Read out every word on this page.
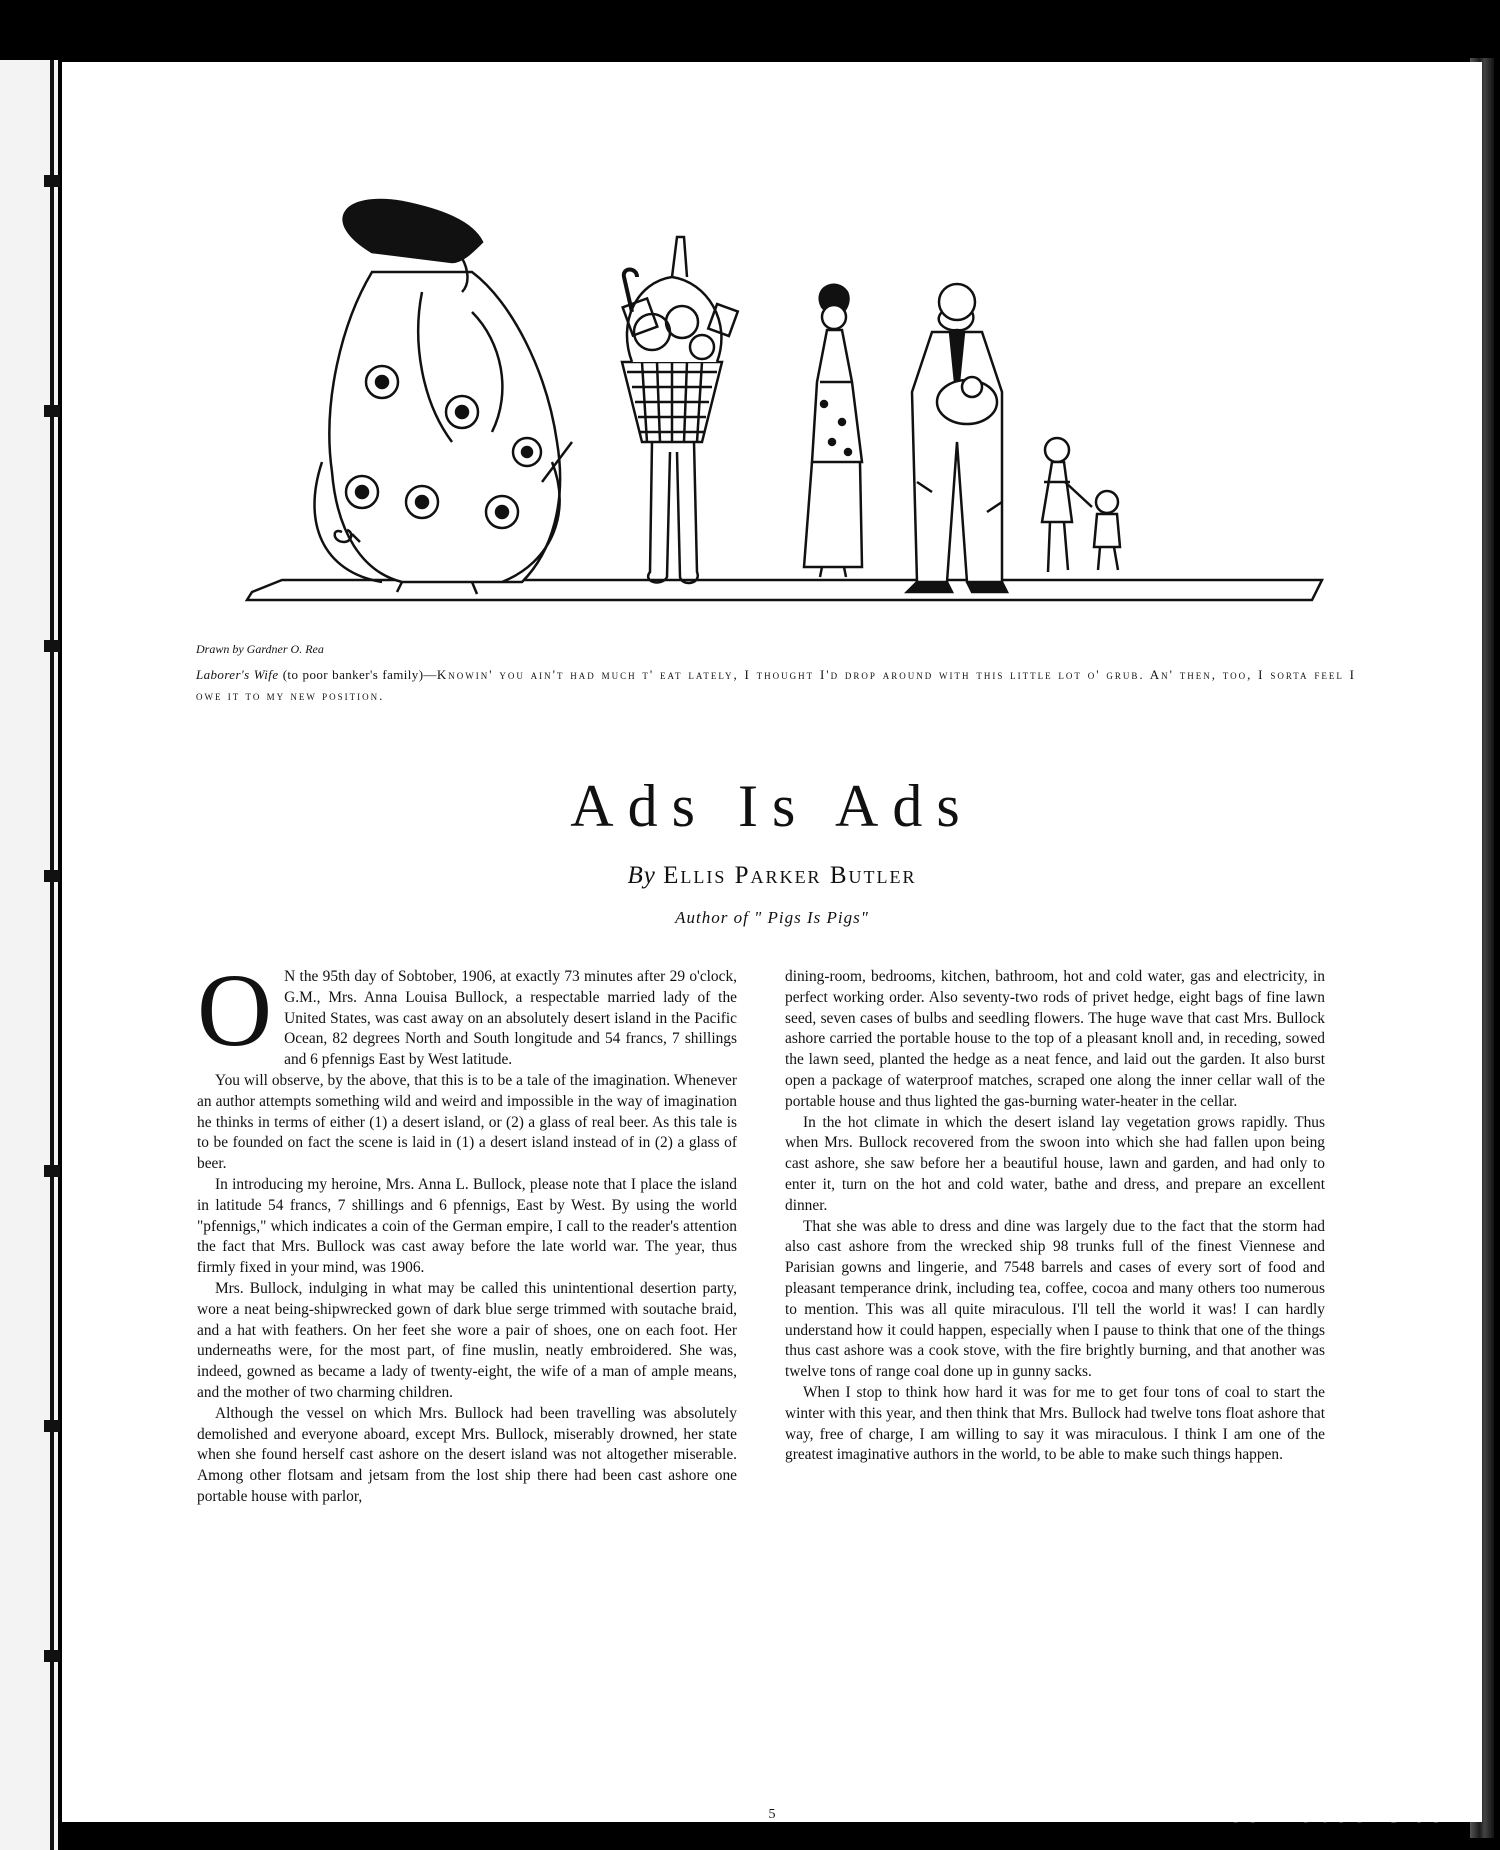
Drawn by Gardner O. Rea
Laborer's Wife (to poor banker's family)—Knowin' you ain't had much t' eat lately, I thought I'd drop around with this little lot o' grub. An' then, too, I sorta feel I owe it to my new position.
Ads Is Ads
By Ellis Parker Butler
Author of " Pigs Is Pigs"

O N the 95th day of Sobtober, 1906, at exactly 73 minutes after 29 o'clock, G.M., Mrs. Anna Louisa Bullock, a respectable married lady of the United States, was cast away on an absolutely desert island in the Pacific Ocean, 82 degrees North and South longitude and 54 francs, 7 shillings and 6 pfennigs East by West latitude.

You will observe, by the above, that this is to be a tale of the imagination. Whenever an author attempts something wild and weird and impossible in the way of imagination he thinks in terms of either (1) a desert island, or (2) a glass of real beer. As this tale is to be founded on fact the scene is laid in (1) a desert island instead of in (2) a glass of beer.

In introducing my heroine, Mrs. Anna L. Bullock, please note that I place the island in latitude 54 francs, 7 shillings and 6 pfennigs, East by West. By using the world "pfennigs," which indicates a coin of the German empire, I call to the reader's attention the fact that Mrs. Bullock was cast away before the late world war. The year, thus firmly fixed in your mind, was 1906.

Mrs. Bullock, indulging in what may be called this unintentional desertion party, wore a neat being-shipwrecked gown of dark blue serge trimmed with soutache braid, and a hat with feathers. On her feet she wore a pair of shoes, one on each foot. Her underneaths were, for the most part, of fine muslin, neatly embroidered. She was, indeed, gowned as became a lady of twenty-eight, the wife of a man of ample means, and the mother of two charming children.

Although the vessel on which Mrs. Bullock had been travelling was absolutely demolished and everyone aboard, except Mrs. Bullock, miserably drowned, her state when she found herself cast ashore on the desert island was not altogether miserable. Among other flotsam and jetsam from the lost ship there had been cast ashore one portable house with parlor,

dining-room, bedrooms, kitchen, bathroom, hot and cold water, gas and electricity, in perfect working order. Also seventy-two rods of privet hedge, eight bags of fine lawn seed, seven cases of bulbs and seedling flowers. The huge wave that cast Mrs. Bullock ashore carried the portable house to the top of a pleasant knoll and, in receding, sowed the lawn seed, planted the hedge as a neat fence, and laid out the garden. It also burst open a package of waterproof matches, scraped one along the inner cellar wall of the portable house and thus lighted the gas-burning water-heater in the cellar.

In the hot climate in which the desert island lay vegetation grows rapidly. Thus when Mrs. Bullock recovered from the swoon into which she had fallen upon being cast ashore, she saw before her a beautiful house, lawn and garden, and had only to enter it, turn on the hot and cold water, bathe and dress, and prepare an excellent dinner.

That she was able to dress and dine was largely due to the fact that the storm had also cast ashore from the wrecked ship 98 trunks full of the finest Viennese and Parisian gowns and lingerie, and 7548 barrels and cases of every sort of food and pleasant temperance drink, including tea, coffee, cocoa and many others too numerous to mention. This was all quite miraculous. I'll tell the world it was! I can hardly understand how it could happen, especially when I pause to think that one of the things thus cast ashore was a cook stove, with the fire brightly burning, and that another was twelve tons of range coal done up in gunny sacks.

When I stop to think how hard it was for me to get four tons of coal to start the winter with this year, and then think that Mrs. Bullock had twelve tons float ashore that way, free of charge, I am willing to say it was miraculous. I think I am one of the greatest imaginative authors in the world, to be able to make such things happen.

5	comicbooks.com
